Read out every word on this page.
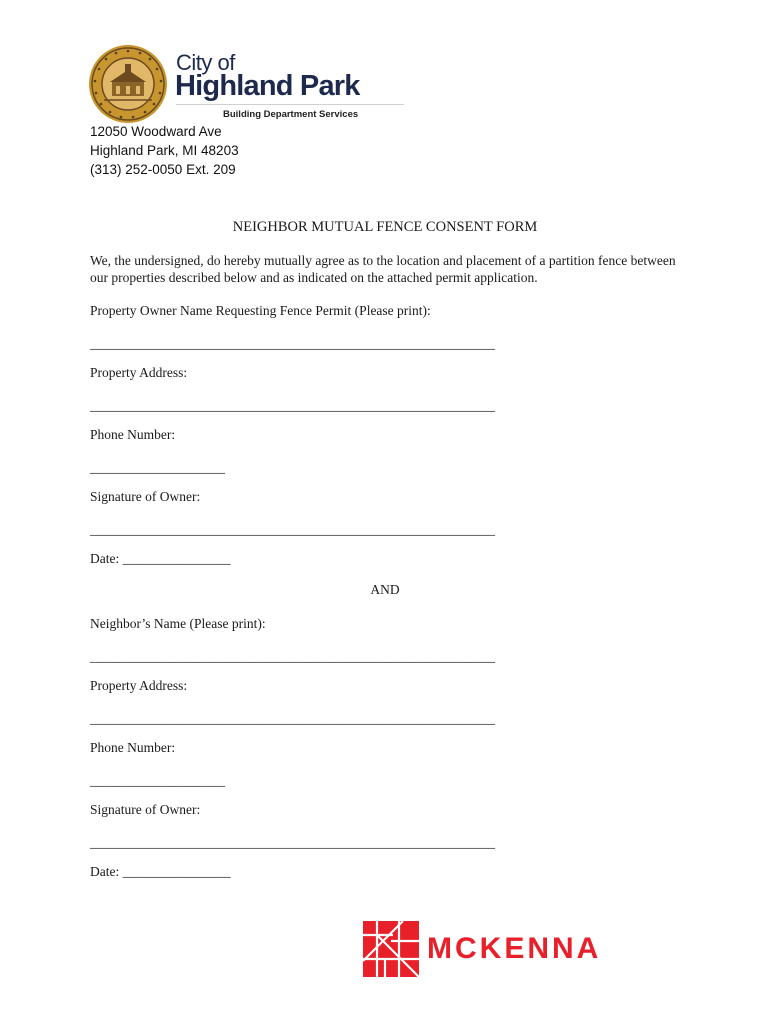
City of
Highland Park
Building Department Services
12050 Woodward Ave
Highland Park, MI 48203
(313) 252-0050 Ext. 209
NEIGHBOR MUTUAL FENCE CONSENT FORM
We, the undersigned, do hereby mutually agree as to the location and placement of a partition fence between our properties described below and as indicated on the attached permit application.
Property Owner Name Requesting Fence Permit (Please print):
____________________________________________________________
Property Address:
____________________________________________________________
Phone Number:
____________________
Signature of Owner:
____________________________________________________________
Date: ________________
AND
Neighbor’s Name (Please print):
____________________________________________________________
Property Address:
____________________________________________________________
Phone Number:
____________________
Signature of Owner:
____________________________________________________________
Date: ________________
MCKENNA
